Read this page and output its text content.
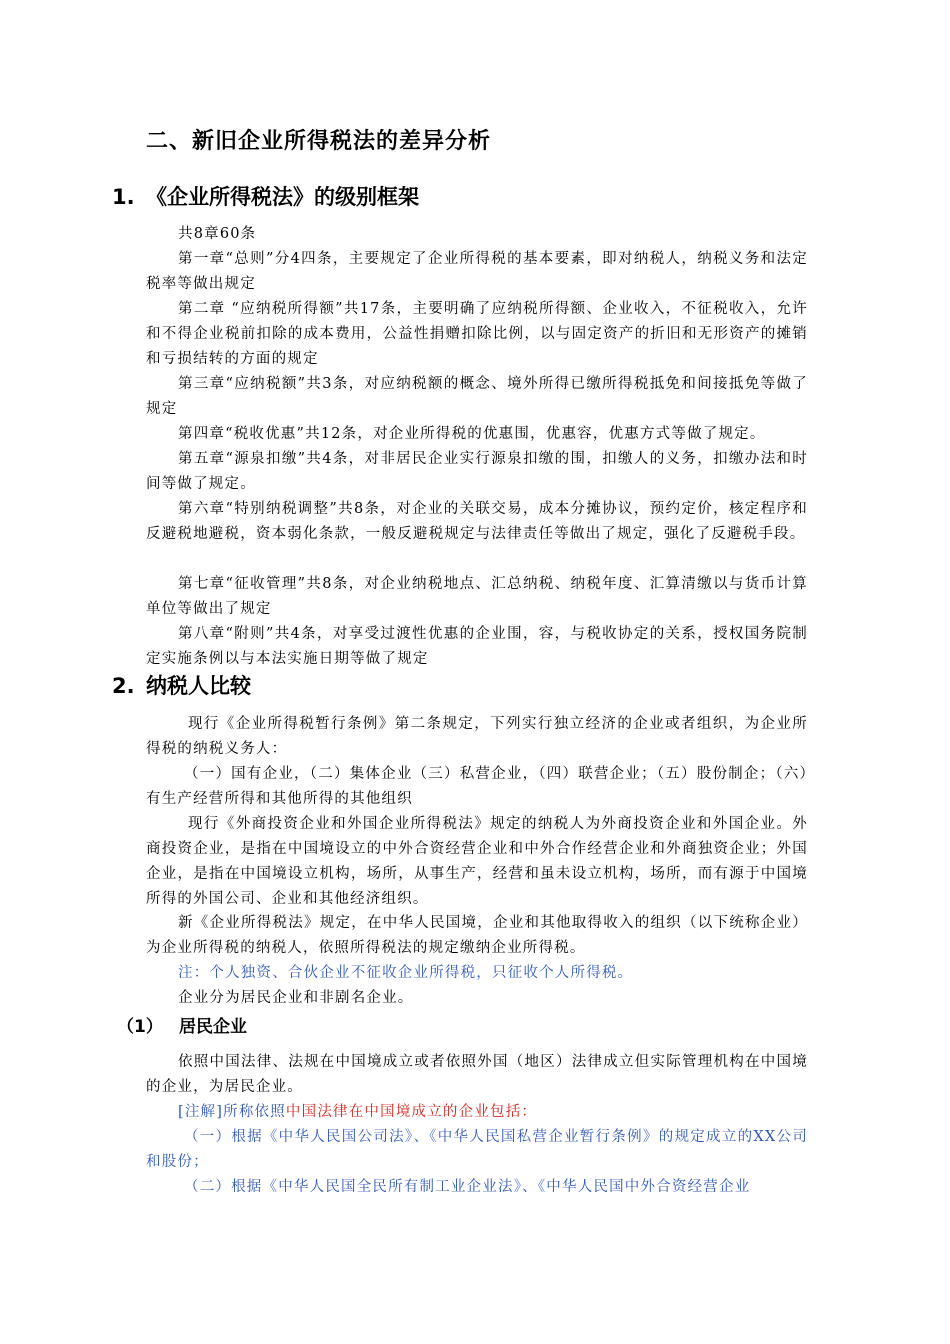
二、新旧企业所得税法的差异分析
1. 《企业所得税法》的级别框架
共8章60条
第一章“总则”分4四条，主要规定了企业所得税的基本要素，即对纳税人，纳税义务和法定税率等做出规定
第二章 “应纳税所得额”共17条，主要明确了应纳税所得额、企业收入，不征税收入，允许和不得企业税前扣除的成本费用，公益性捐赠扣除比例，以与固定资产的折旧和无形资产的摊销和亏损结转的方面的规定
第三章“应纳税额”共3条，对应纳税额的概念、境外所得已缴所得税抵免和间接抵免等做了规定
第四章“税收优惠”共12条，对企业所得税的优惠围，优惠容，优惠方式等做了规定。
第五章“源泉扣缴”共4条，对非居民企业实行源泉扣缴的围，扣缴人的义务，扣缴办法和时间等做了规定。
第六章“特别纳税调整”共8条，对企业的关联交易，成本分摊协议，预约定价，核定程序和反避税地避税，资本弱化条款，一般反避税规定与法律责任等做出了规定，强化了反避税手段。
第七章“征收管理”共8条，对企业纳税地点、汇总纳税、纳税年度、汇算清缴以与货币计算单位等做出了规定
第八章“附则”共4条，对享受过渡性优惠的企业围，容，与税收协定的关系，授权国务院制定实施条例以与本法实施日期等做了规定
2. 纳税人比较
现行《企业所得税暂行条例》第二条规定，下列实行独立经济的企业或者组织，为企业所得税的纳税义务人：
（一）国有企业，（二）集体企业（三）私营企业，（四）联营企业；（五）股份制企；（六）有生产经营所得和其他所得的其他组织
现行《外商投资企业和外国企业所得税法》规定的纳税人为外商投资企业和外国企业。外商投资企业，是指在中国境设立的中外合资经营企业和中外合作经营企业和外商独资企业；外国企业，是指在中国境设立机构，场所，从事生产，经营和虽未设立机构，场所，而有源于中国境所得的外国公司、企业和其他经济组织。
新《企业所得税法》规定，在中华人民国境，企业和其他取得收入的组织（以下统称企业）为企业所得税的纳税人，依照所得税法的规定缴纳企业所得税。
注：个人独资、合伙企业不征收企业所得税，只征收个人所得税。
企业分为居民企业和非剧名企业。
（1） 居民企业
依照中国法律、法规在中国境成立或者依照外国（地区）法律成立但实际管理机构在中国境的企业，为居民企业。
[注解]所称依照中国法律在中国境成立的企业包括：
（一）根据《中华人民国公司法》、《中华人民国私营企业暂行条例》的规定成立的XX公司和股份；
（二）根据《中华人民国全民所有制工业企业法》、《中华人民国中外合资经营企业
